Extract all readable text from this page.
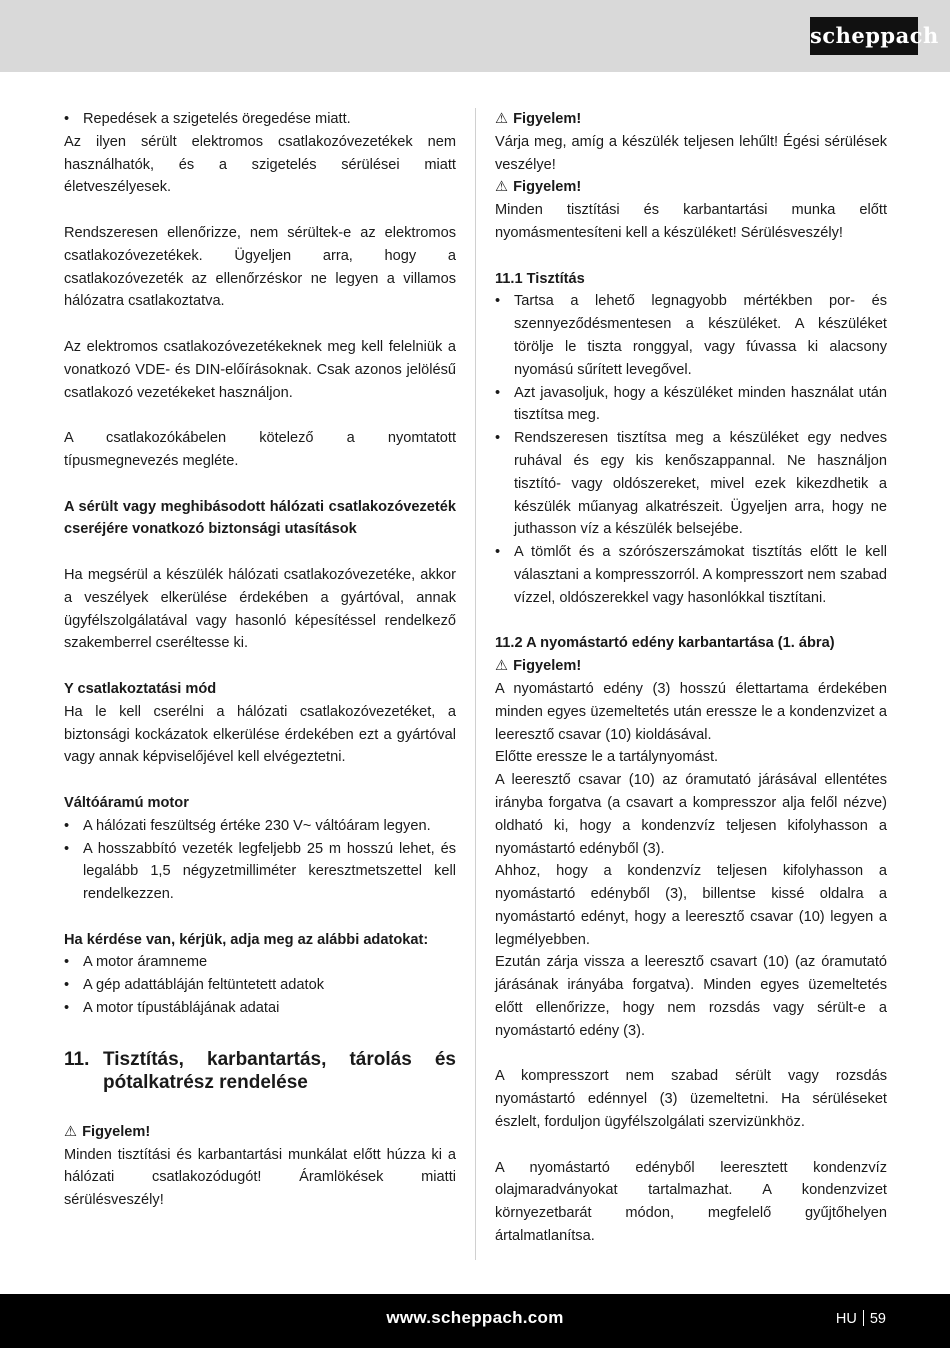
scheppach
• Repedések a szigetelés öregedése miatt.

Az ilyen sérült elektromos csatlakozóvezetékek nem használhatók, és a szigetelés sérülései miatt életveszélyesek.

Rendszeresen ellenőrizze, nem sérültek-e az elektromos csatlakozóvezetékek. Ügyeljen arra, hogy a csatlakozóvezeték az ellenőrzéskor ne legyen a villamos hálózatra csatlakoztatva.

Az elektromos csatlakozóvezetékeknek meg kell felelniük a vonatkozó VDE- és DIN-előírásoknak. Csak azonos jelölésű csatlakozó vezetékeket használjon.

A csatlakozókábelen kötelező a nyomtatott típusmegnevezés megléte.

A sérült vagy meghibásodott hálózati csatlakozóvezeték cseréjére vonatkozó biztonsági utasítások

Ha megsérül a készülék hálózati csatlakozóvezetéke, akkor a veszélyek elkerülése érdekében a gyártóval, annak ügyfélszolgálatával vagy hasonló képesítéssel rendelkező szakemberrel cseréltesse ki.

Y csatlakoztatási mód

Ha le kell cserélni a hálózati csatlakozóvezetéket, a biztonsági kockázatok elkerülése érdekében ezt a gyártóval vagy annak képviselőjével kell elvégeztetni.

Váltóáramú motor

• A hálózati feszültség értéke 230 V~ váltóáram legyen.
• A hosszabbító vezeték legfeljebb 25 m hosszú lehet, és legalább 1,5 négyzetmilliméter keresztmetszettel kell rendelkezzen.

Ha kérdése van, kérjük, adja meg az alábbi adatokat:

• A motor áramneme
• A gép adattábláján feltüntetett adatok
• A motor típustáblájának adatai
11. Tisztítás, karbantartás, tárolás és pótalkatrész rendelése
⚠ Figyelem!

Minden tisztítási és karbantartási munkálat előtt húzza ki a hálózati csatlakozódugót! Áramlökések miatti sérülésveszély!

⚠ Figyelem!

Várja meg, amíg a készülék teljesen lehűlt! Égési sérülések veszélye!

⚠ Figyelem!

Minden tisztítási és karbantartási munka előtt nyomásmentesíteni kell a készüléket! Sérülésveszély!

11.1 Tisztítás

• Tartsa a lehető legnagyobb mértékben por- és szennyeződésmentesen a készüléket. A készüléket törölje le tiszta ronggyal, vagy fúvassa ki alacsony nyomású sűrített levegővel.
• Azt javasoljuk, hogy a készüléket minden használat után tisztítsa meg.
• Rendszeresen tisztítsa meg a készüléket egy nedves ruhával és egy kis kenőszappannal. Ne használjon tisztító- vagy oldószereket, mivel ezek kikezdhetik a készülék műanyag alkatrészeit. Ügyeljen arra, hogy ne juthasson víz a készülék belsejébe.
• A tömlőt és a szórószerszámokat tisztítás előtt le kell választani a kompresszorról. A kompresszort nem szabad vízzel, oldószerekkel vagy hasonlókkal tisztítani.

11.2 A nyomástartó edény karbantartása (1. ábra)

⚠ Figyelem!

A nyomástartó edény (3) hosszú élettartama érdekében minden egyes üzemeltetés után eressze le a kondenzvizet a leeresztő csavar (10) kioldásával.

Előtte eressze le a tartálynyomást.

A leeresztő csavar (10) az óramutató járásával ellentétes irányba forgatva (a csavart a kompresszor alja felől nézve) oldható ki, hogy a kondenzvíz teljesen kifolyhasson a nyomástartó edényből (3).

Ahhoz, hogy a kondenzvíz teljesen kifolyhasson a nyomástartó edényből (3), billentse kissé oldalra a nyomástartó edényt, hogy a leeresztő csavar (10) legyen a legmélyebben.

Ezután zárja vissza a leeresztő csavart (10) (az óramutató járásának irányába forgatva). Minden egyes üzemeltetés előtt ellenőrizze, hogy nem rozsdás vagy sérült-e a nyomástartó edény (3).

A kompresszort nem szabad sérült vagy rozsdás nyomástartó edénnyel (3) üzemeltetni. Ha sérüléseket észlelt, forduljon ügyfélszolgálati szervizünkhöz.

A nyomástartó edényből leeresztett kondenzvíz olajmaradványokat tartalmazhat. A kondenzvizet környezetbarát módon, megfelelő gyűjtőhelyen ártalmatlanítsa.

www.scheppach.com	HU 59
